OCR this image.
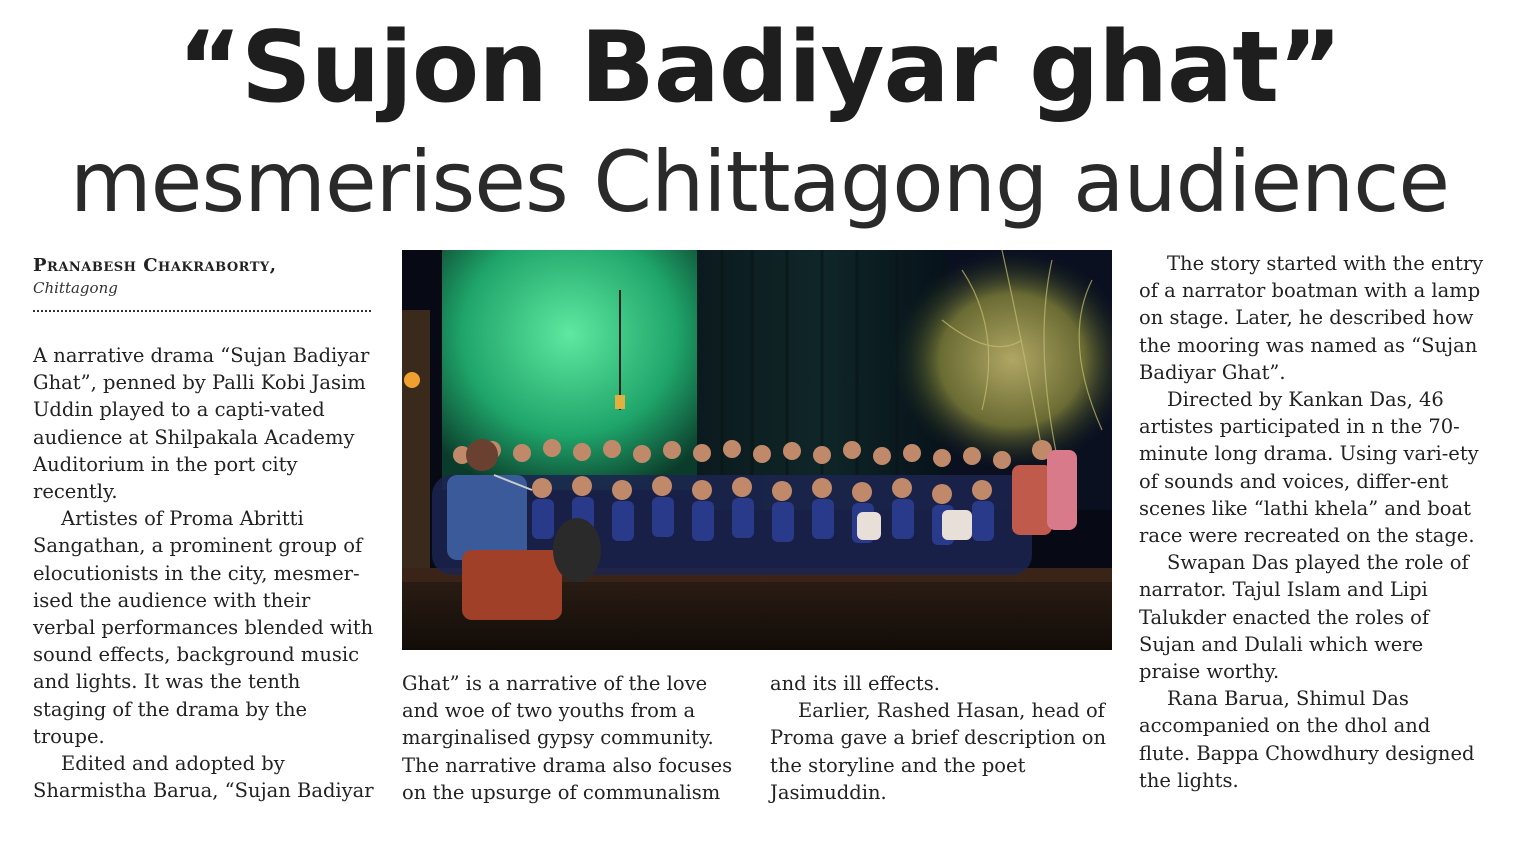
“Sujon Badiyar ghat”
mesmerises Chittagong audience
Pranabesh Chakraborty,
Chittagong

A narrative drama “Sujan Badiyar Ghat”, penned by Palli Kobi Jasim Uddin played to a capti-vated audience at Shilpakala Academy Auditorium in the port city recently.

Artistes of Proma Abritti Sangathan, a prominent group of elocutionists in the city, mesmer-ised the audience with their verbal performances blended with sound effects, background music and lights. It was the tenth staging of the drama by the troupe.

Edited and adopted by Sharmistha Barua, “Sujan Badiyar

Ghat” is a narrative of the love and woe of two youths from a marginalised gypsy community. The narrative drama also focuses on the upsurge of communalism

and its ill effects.

Earlier, Rashed Hasan, head of Proma gave a brief description on the storyline and the poet Jasimuddin.

The story started with the entry of a narrator boatman with a lamp on stage. Later, he described how the mooring was named as “Sujan Badiyar Ghat”.

Directed by Kankan Das, 46 artistes participated in n the 70-minute long drama. Using vari-ety of sounds and voices, differ-ent scenes like “lathi khela” and boat race were recreated on the stage.

Swapan Das played the role of narrator. Tajul Islam and Lipi Talukder enacted the roles of Sujan and Dulali which were praise worthy.

Rana Barua, Shimul Das accompanied on the dhol and flute. Bappa Chowdhury designed the lights.
